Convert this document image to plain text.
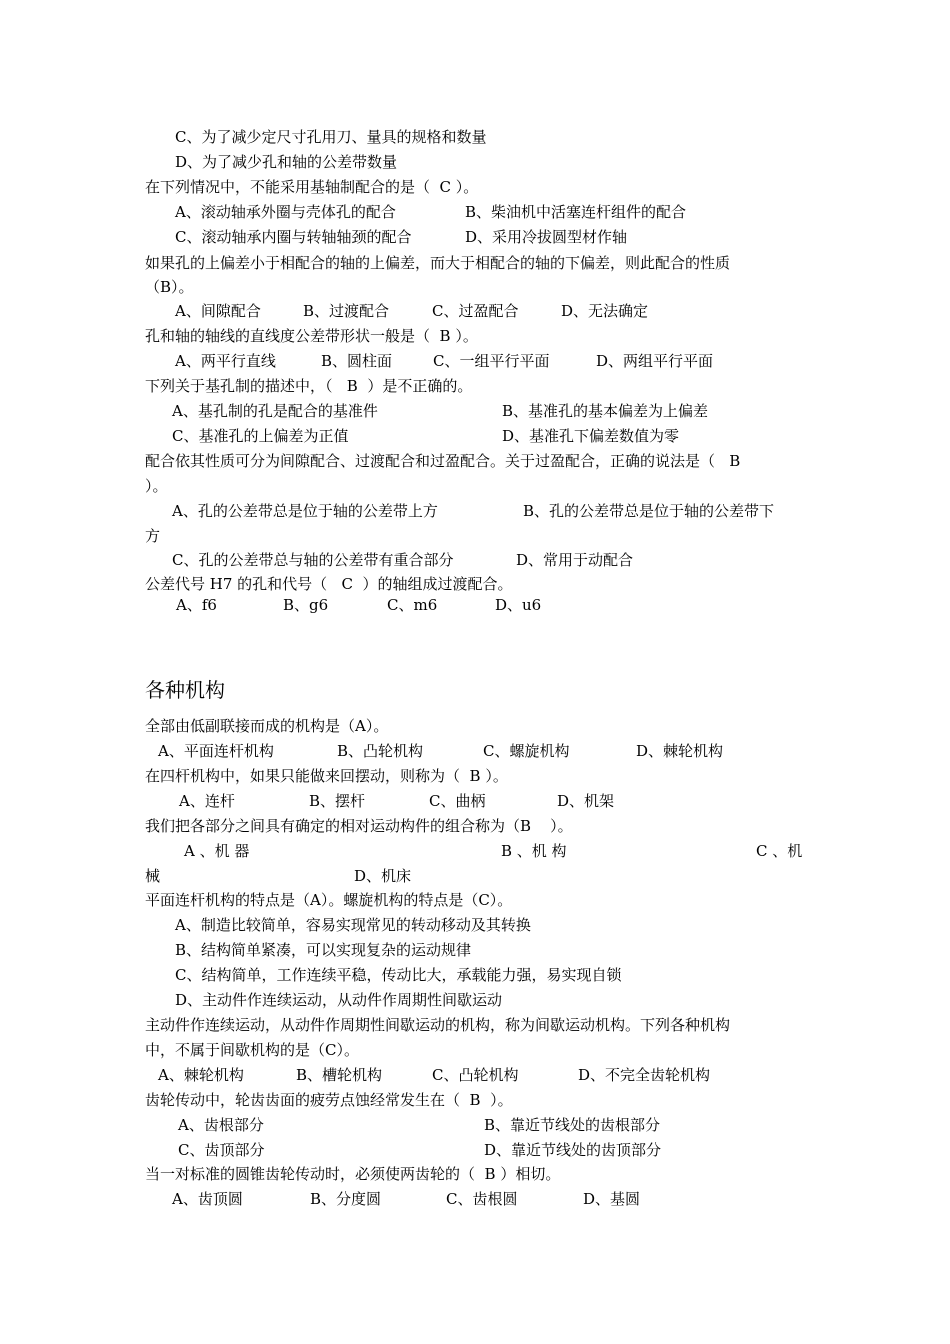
C、为了减少定尺寸孔用刀、量具的规格和数量
D、为了减少孔和轴的公差带数量
在下列情况中，不能采用基轴制配合的是（  C ）。
A、滚动轴承外圈与壳体孔的配合	B、柴油机中活塞连杆组件的配合
C、滚动轴承内圈与转轴轴颈的配合	D、采用冷拔圆型材作轴
如果孔的上偏差小于相配合的轴的上偏差，而大于相配合的轴的下偏差，则此配合的性质
（B）。
A、间隙配合	B、过渡配合	C、过盈配合	D、无法确定
孔和轴的轴线的直线度公差带形状一般是（  B ）。
A、两平行直线	B、圆柱面	C、一组平行平面	D、两组平行平面
下列关于基孔制的描述中，（   B  ）是不正确的。
A、基孔制的孔是配合的基准件	B、基准孔的基本偏差为上偏差
C、基准孔的上偏差为正值	D、基准孔下偏差数值为零
配合依其性质可分为间隙配合、过渡配合和过盈配合。关于过盈配合，正确的说法是（   B
）。
A、孔的公差带总是位于轴的公差带上方	B、孔的公差带总是位于轴的公差带下
方
C、孔的公差带总与轴的公差带有重合部分	D、常用于动配合
公差代号 H7 的孔和代号（   C  ）的轴组成过渡配合。
A、f6	B、g6	C、m6	D、u6
各种机构
全部由低副联接而成的机构是（A）。
A、平面连杆机构	B、凸轮机构	C、螺旋机构	D、棘轮机构
在四杆机构中，如果只能做来回摆动，则称为（  B ）。
A、连杆	B、摆杆	C、曲柄	D、机架
我们把各部分之间具有确定的相对运动构件的组合称为（B    ）。
A 、机 器	B 、机 构	C 、机
械	D、机床
平面连杆机构的特点是（A）。螺旋机构的特点是（C）。
A、制造比较简单，容易实现常见的转动移动及其转换
B、结构简单紧凑，可以实现复杂的运动规律
C、结构简单，工作连续平稳，传动比大，承载能力强，易实现自锁
D、主动件作连续运动，从动件作周期性间歇运动
主动件作连续运动，从动件作周期性间歇运动的机构，称为间歇运动机构。下列各种机构
中，不属于间歇机构的是（C）。
A、棘轮机构	B、槽轮机构	C、凸轮机构	D、不完全齿轮机构
齿轮传动中，轮齿齿面的疲劳点蚀经常发生在（  B  ）。
A、齿根部分	B、靠近节线处的齿根部分
C、齿顶部分	D、靠近节线处的齿顶部分
当一对标准的圆锥齿轮传动时，必须使两齿轮的（  B ）相切。
A、齿顶圆	B、分度圆	C、齿根圆	D、基圆
